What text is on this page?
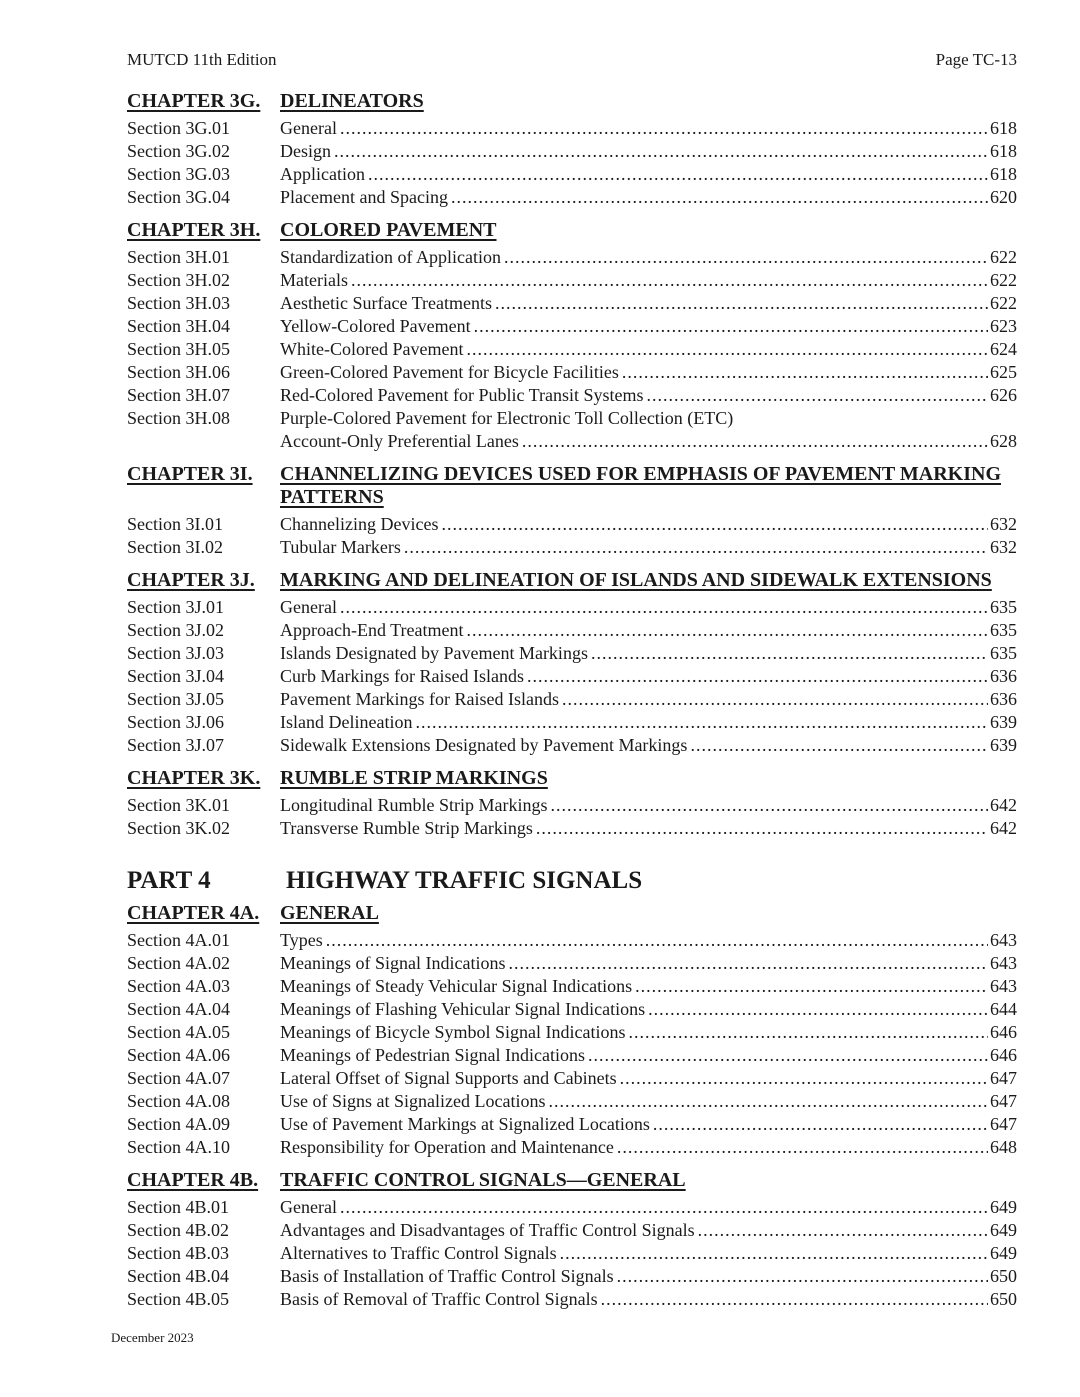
MUTCD 11th Edition	Page TC-13
CHAPTER 3G. DELINEATORS
Section 3G.01	General .....	618
Section 3G.02	Design .....	618
Section 3G.03	Application .....	618
Section 3G.04	Placement and Spacing .....	620
CHAPTER 3H. COLORED PAVEMENT
Section 3H.01	Standardization of Application .....	622
Section 3H.02	Materials .....	622
Section 3H.03	Aesthetic Surface Treatments .....	622
Section 3H.04	Yellow-Colored Pavement .....	623
Section 3H.05	White-Colored Pavement .....	624
Section 3H.06	Green-Colored Pavement for Bicycle Facilities .....	625
Section 3H.07	Red-Colored Pavement for Public Transit Systems .....	626
Section 3H.08	Purple-Colored Pavement for Electronic Toll Collection (ETC)
Account-Only Preferential Lanes .....	628
CHAPTER 3I.	CHANNELIZING DEVICES USED FOR EMPHASIS OF PAVEMENT MARKING PATTERNS
Section 3I.01	Channelizing Devices .....	632
Section 3I.02	Tubular Markers .....	632
CHAPTER 3J.	MARKING AND DELINEATION OF ISLANDS AND SIDEWALK EXTENSIONS
Section 3J.01	General .....	635
Section 3J.02	Approach-End Treatment .....	635
Section 3J.03	Islands Designated by Pavement Markings .....	635
Section 3J.04	Curb Markings for Raised Islands .....	636
Section 3J.05	Pavement Markings for Raised Islands .....	636
Section 3J.06	Island Delineation .....	639
Section 3J.07	Sidewalk Extensions Designated by Pavement Markings .....	639
CHAPTER 3K. RUMBLE STRIP MARKINGS
Section 3K.01	Longitudinal Rumble Strip Markings .....	642
Section 3K.02	Transverse Rumble Strip Markings .....	642
PART 4	HIGHWAY TRAFFIC SIGNALS
CHAPTER 4A.	GENERAL
Section 4A.01	Types .....	643
Section 4A.02	Meanings of Signal Indications .....	643
Section 4A.03	Meanings of Steady Vehicular Signal Indications .....	643
Section 4A.04	Meanings of Flashing Vehicular Signal Indications .....	644
Section 4A.05	Meanings of Bicycle Symbol Signal Indications .....	646
Section 4A.06	Meanings of Pedestrian Signal Indications .....	646
Section 4A.07	Lateral Offset of Signal Supports and Cabinets .....	647
Section 4A.08	Use of Signs at Signalized Locations .....	647
Section 4A.09	Use of Pavement Markings at Signalized Locations .....	647
Section 4A.10	Responsibility for Operation and Maintenance .....	648
CHAPTER 4B.	TRAFFIC CONTROL SIGNALS—GENERAL
Section 4B.01	General .....	649
Section 4B.02	Advantages and Disadvantages of Traffic Control Signals .....	649
Section 4B.03	Alternatives to Traffic Control Signals .....	649
Section 4B.04	Basis of Installation of Traffic Control Signals .....	650
Section 4B.05	Basis of Removal of Traffic Control Signals .....	650
December 2023
